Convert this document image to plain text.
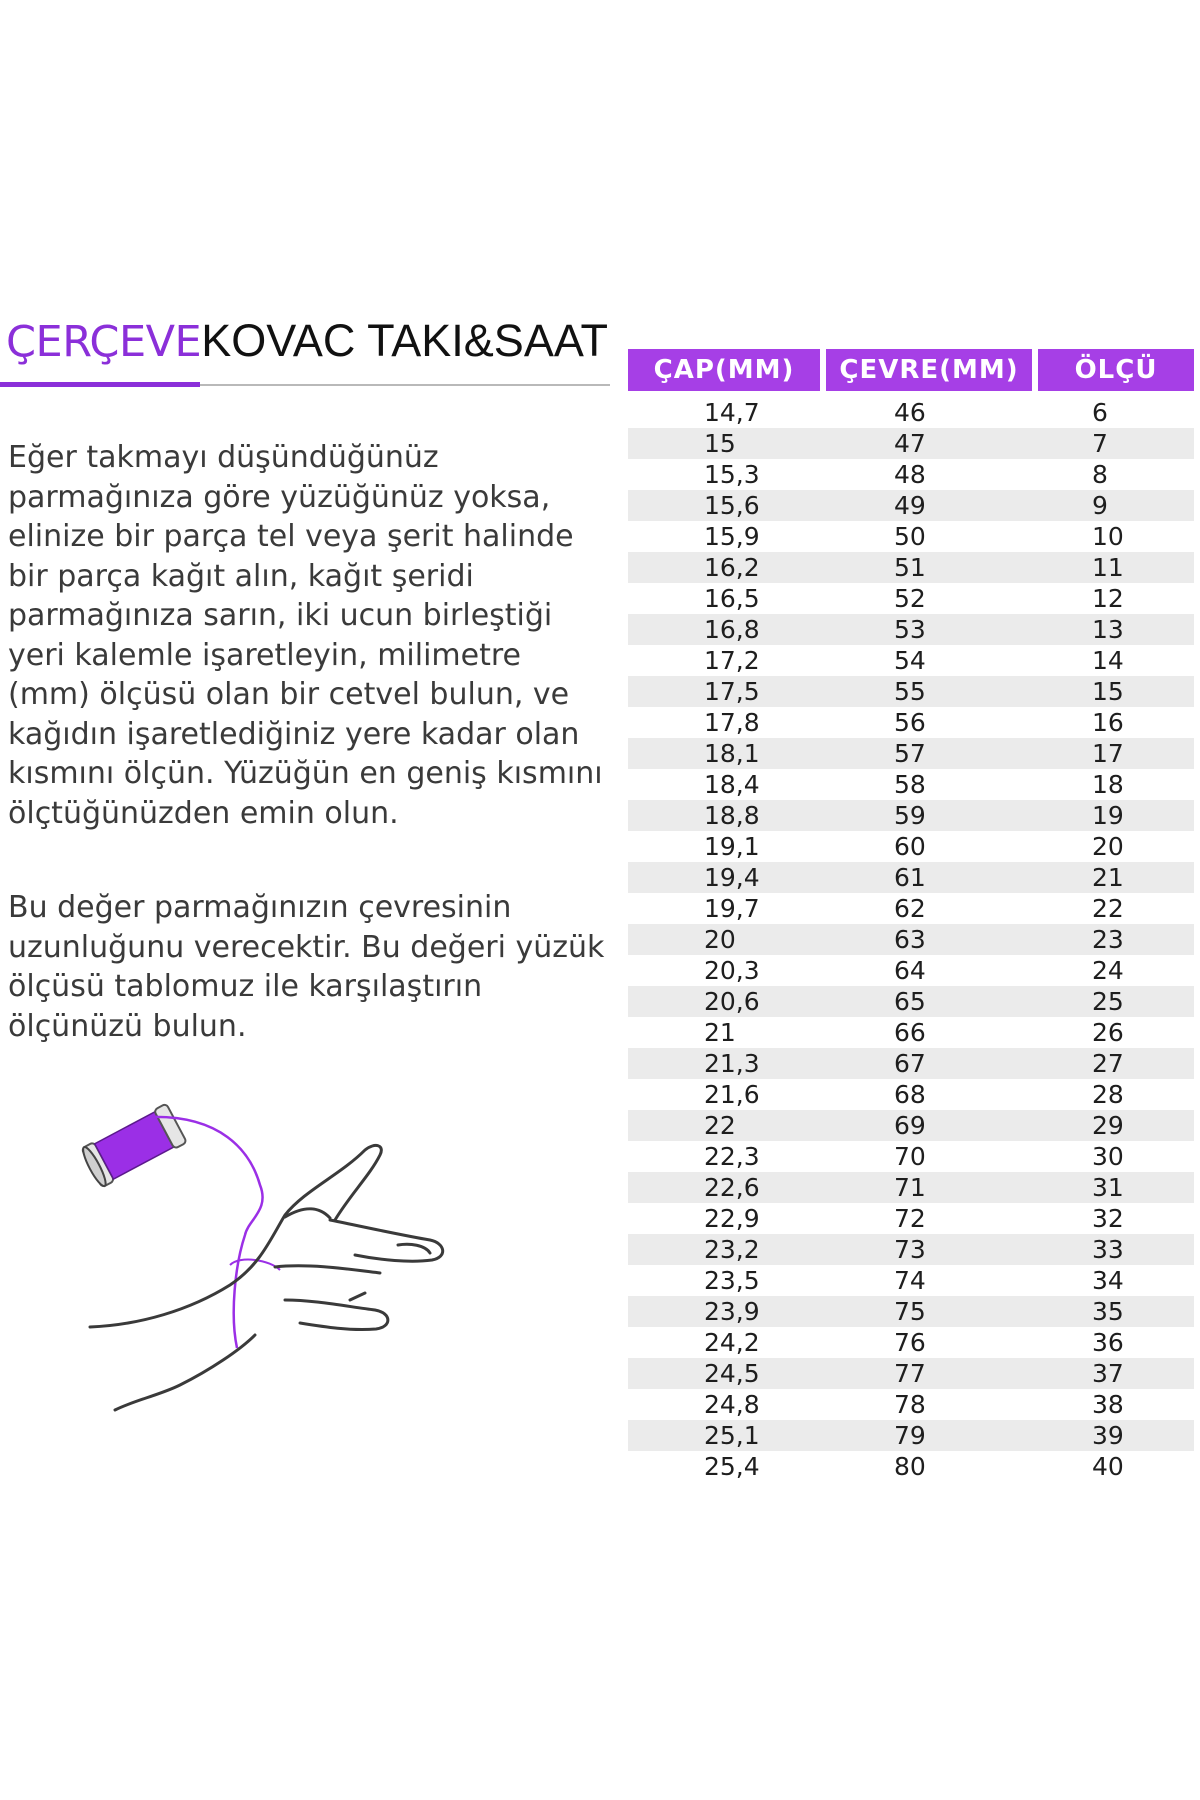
ÇERÇEVEKOVAC TAKI&SAAT

Eğer takmayı düşündüğünüz parmağınıza göre yüzüğünüz yoksa, elinize bir parça tel veya şerit halinde bir parça kağıt alın, kağıt şeridi parmağınıza sarın, iki ucun birleştiği yeri kalemle işaretleyin, milimetre (mm) ölçüsü olan bir cetvel bulun, ve kağıdın işaretlediğiniz yere kadar olan kısmını ölçün. Yüzüğün en geniş kısmını ölçtüğünüzden emin olun.

Bu değer parmağınızın çevresinin uzunluğunu verecektir. Bu değeri yüzük ölçüsü tablomuz ile karşılaştırın ölçünüzü bulun.

ÇAP(MM)	ÇEVRE(MM)	ÖLÇÜ
14,7	46	6
15	47	7
15,3	48	8
15,6	49	9
15,9	50	10
16,2	51	11
16,5	52	12
16,8	53	13
17,2	54	14
17,5	55	15
17,8	56	16
18,1	57	17
18,4	58	18
18,8	59	19
19,1	60	20
19,4	61	21
19,7	62	22
20	63	23
20,3	64	24
20,6	65	25
21	66	26
21,3	67	27
21,6	68	28
22	69	29
22,3	70	30
22,6	71	31
22,9	72	32
23,2	73	33
23,5	74	34
23,9	75	35
24,2	76	36
24,5	77	37
24,8	78	38
25,1	79	39
25,4	80	40
